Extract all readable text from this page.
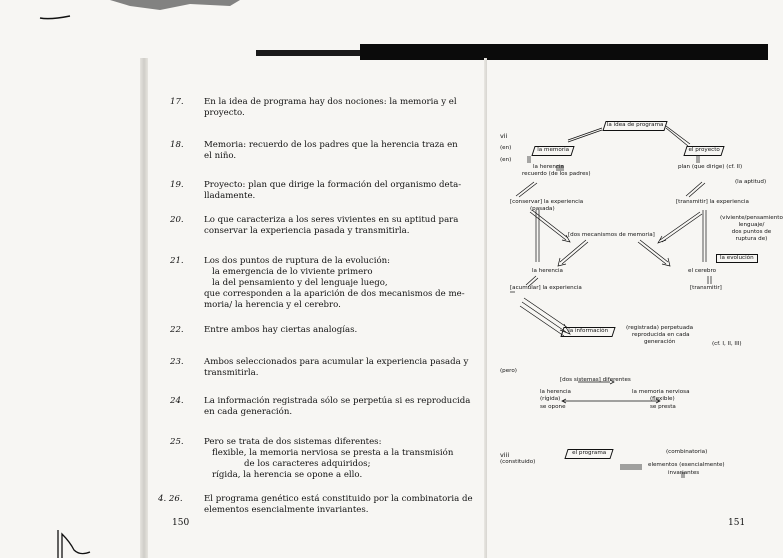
17.	En la idea de programa hay dos nociones: la memoria y el
proyecto.
18.	Memoria: recuerdo de los padres que la herencia traza en
el niño.
19.	Proyecto: plan que dirige la formación del organismo deta-
lladamente.
20.	Lo que caracteriza a los seres vivientes en su aptitud para
conservar la experiencia pasada y transmitirla.
21.	Los dos puntos de ruptura de la evolución:
la emergencia de lo viviente primero
la del pensamiento y del lenguaje luego,
que corresponden a la aparición de dos mecanismos de me-
moria/ la herencia y el cerebro.
22.	Entre ambos hay ciertas analogías.
23.	Ambos seleccionados para acumular la experiencia pasada y
transmitirla.
24.	La información registrada sólo se perpetúa si es reproducida
en cada generación.
25.	Pero se trata de dos sistemas diferentes:
flexible, la memoria nerviosa se presta a la transmisión
de los caracteres adquiridos;
rígida, la herencia se opone a ello.
4. 26.	El programa genético está constituido por la combinatoria de
elementos esencialmente invariantes.
150
vii
(en)
(en)
la idea de programa
la memoria	el proyecto
la herencia
recuerdo (de los padres)
plan (que dirige) (cf. II)
(la aptitud)
[conservar] la experiencia
(pasada)
[transmitir] la experiencia
(viviente/pensamiento
lenguaje/
dos puntos de
ruptura de)
[dos mecanismos de memoria]
la evolución
la herencia	el cerebro
[acumular] la experiencia	[transmitir]
la información	(registrada) perpetuada
reproducida en cada
generación	(cf. I, II, III)
(pero)
[dos sistemas] diferentes
la herencia
(rígida)
se opone
la memoria nerviosa
(flexible)
se presta
viii
(constituido)
el programa	(combinatoria)
elementos (esencialmente)
invariantes
151
